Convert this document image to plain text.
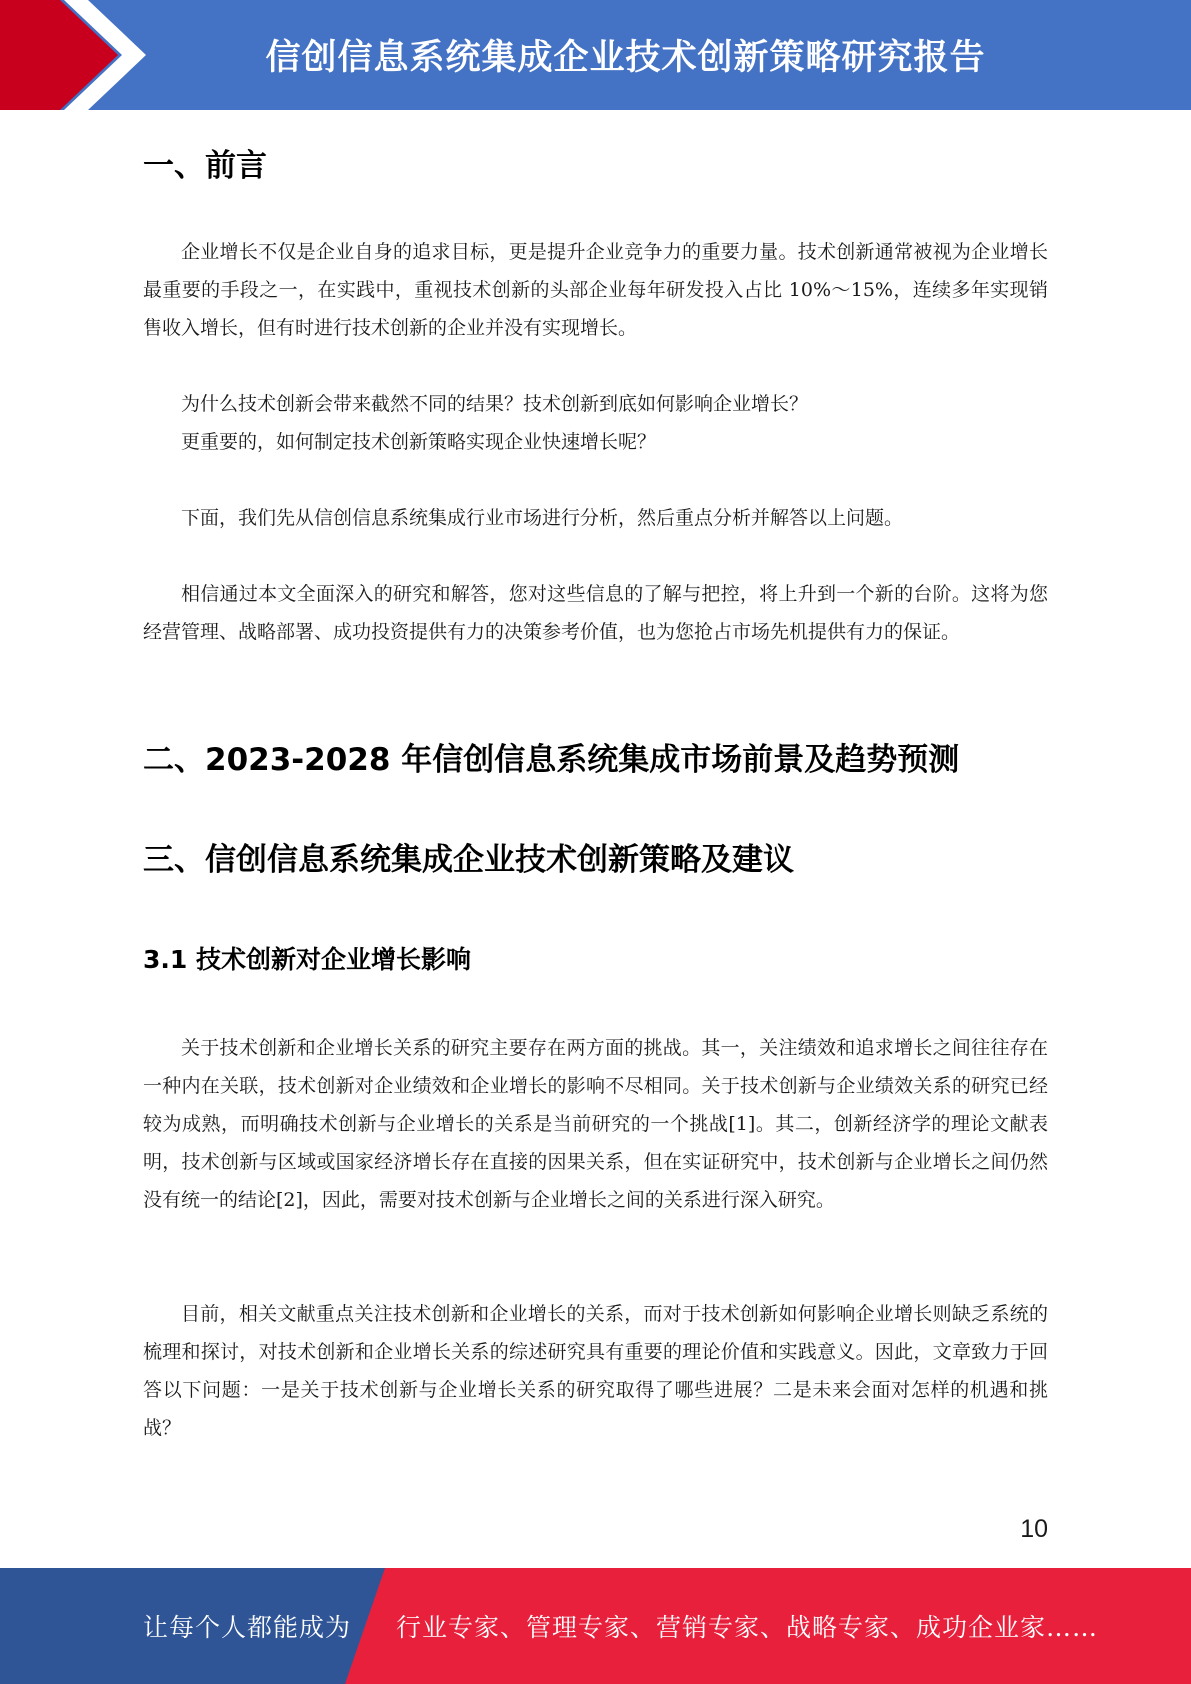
信创信息系统集成企业技术创新策略研究报告
一、前言

企业增长不仅是企业自身的追求目标，更是提升企业竞争力的重要力量。技术创新通常被视为企业增长最重要的手段之一，在实践中，重视技术创新的头部企业每年研发投入占比 10%～15%，连续多年实现销售收入增长，但有时进行技术创新的企业并没有实现增长。

为什么技术创新会带来截然不同的结果？技术创新到底如何影响企业增长？

更重要的，如何制定技术创新策略实现企业快速增长呢？

下面，我们先从信创信息系统集成行业市场进行分析，然后重点分析并解答以上问题。

相信通过本文全面深入的研究和解答，您对这些信息的了解与把控，将上升到一个新的台阶。这将为您经营管理、战略部署、成功投资提供有力的决策参考价值，也为您抢占市场先机提供有力的保证。

二、2023-2028 年信创信息系统集成市场前景及趋势预测
三、信创信息系统集成企业技术创新策略及建议
3.1 技术创新对企业增长影响

关于技术创新和企业增长关系的研究主要存在两方面的挑战。其一，关注绩效和追求增长之间往往存在一种内在关联，技术创新对企业绩效和企业增长的影响不尽相同。关于技术创新与企业绩效关系的研究已经较为成熟，而明确技术创新与企业增长的关系是当前研究的一个挑战[1]。其二，创新经济学的理论文献表明，技术创新与区域或国家经济增长存在直接的因果关系，但在实证研究中，技术创新与企业增长之间仍然没有统一的结论[2]，因此，需要对技术创新与企业增长之间的关系进行深入研究。

目前，相关文献重点关注技术创新和企业增长的关系，而对于技术创新如何影响企业增长则缺乏系统的梳理和探讨，对技术创新和企业增长关系的综述研究具有重要的理论价值和实践意义。因此，文章致力于回答以下问题：一是关于技术创新与企业增长关系的研究取得了哪些进展？二是未来会面对怎样的机遇和挑战？

10
让每个人都能成为 行业专家、管理专家、营销专家、战略专家、成功企业家……
